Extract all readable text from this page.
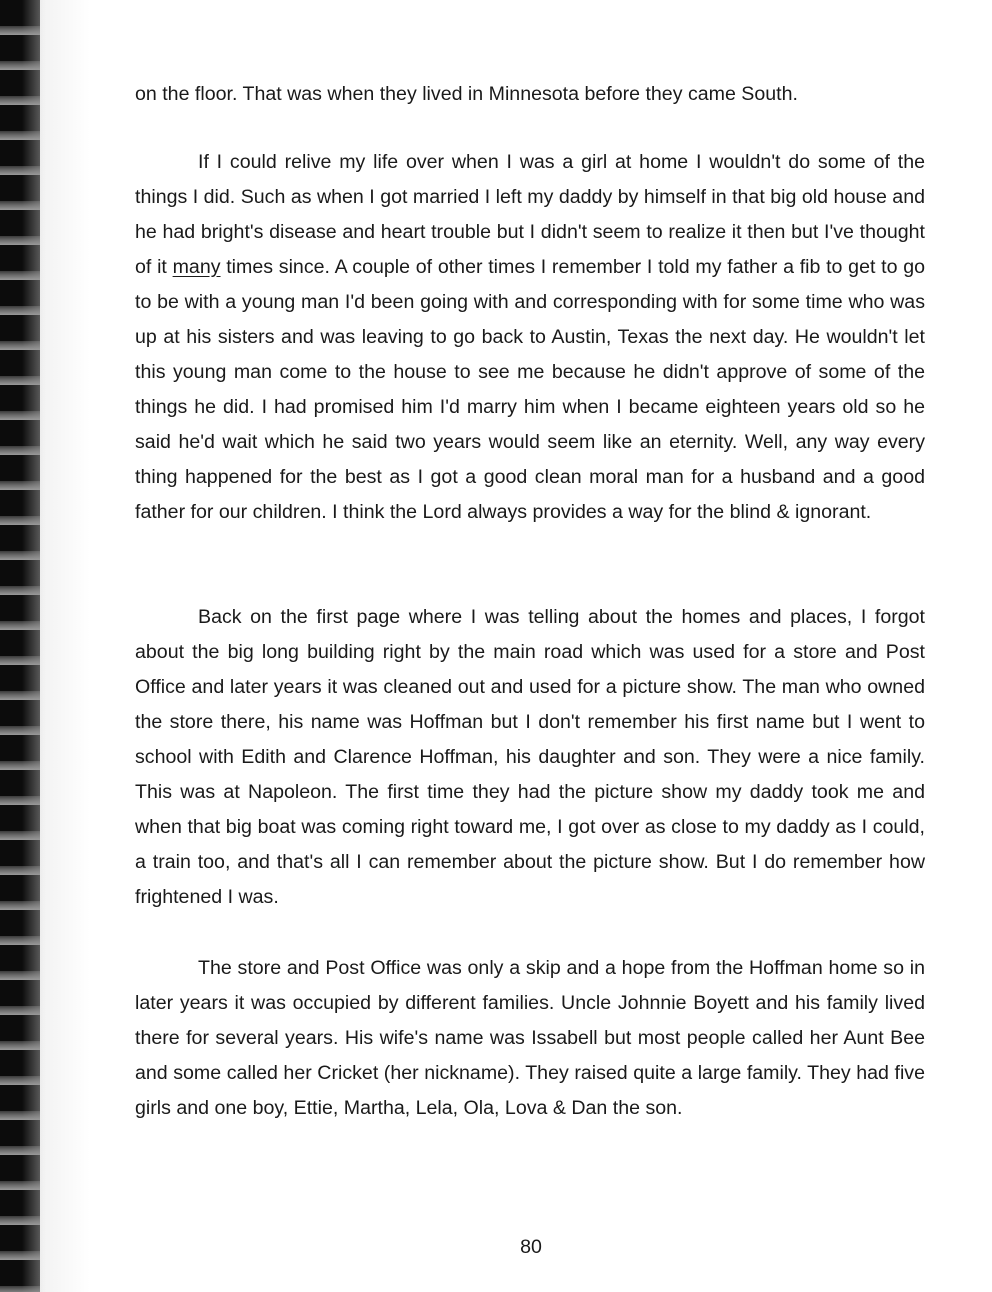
on the floor. That was when they lived in Minnesota before they came South.

If I could relive my life over when I was a girl at home I wouldn't do some of the things I did. Such as when I got married I left my daddy by himself in that big old house and he had bright's disease and heart trouble but I didn't seem to realize it then but I've thought of it many times since. A couple of other times I remember I told my father a fib to get to go to be with a young man I'd been going with and corresponding with for some time who was up at his sisters and was leaving to go back to Austin, Texas the next day. He wouldn't let this young man come to the house to see me because he didn't approve of some of the things he did. I had promised him I'd marry him when I became eighteen years old so he said he'd wait which he said two years would seem like an eternity. Well, any way every thing happened for the best as I got a good clean moral man for a husband and a good father for our children. I think the Lord always provides a way for the blind & ignorant.

Back on the first page where I was telling about the homes and places, I forgot about the big long building right by the main road which was used for a store and Post Office and later years it was cleaned out and used for a picture show. The man who owned the store there, his name was Hoffman but I don't remember his first name but I went to school with Edith and Clarence Hoffman, his daughter and son. They were a nice family. This was at Napoleon. The first time they had the picture show my daddy took me and when that big boat was coming right toward me, I got over as close to my daddy as I could, a train too, and that's all I can remember about the picture show. But I do remember how frightened I was.

The store and Post Office was only a skip and a hope from the Hoffman home so in later years it was occupied by different families. Uncle Johnnie Boyett and his family lived there for several years. His wife's name was Issabell but most people called her Aunt Bee and some called her Cricket (her nickname). They raised quite a large family. They had five girls and one boy, Ettie, Martha, Lela, Ola, Lova & Dan the son.

80
